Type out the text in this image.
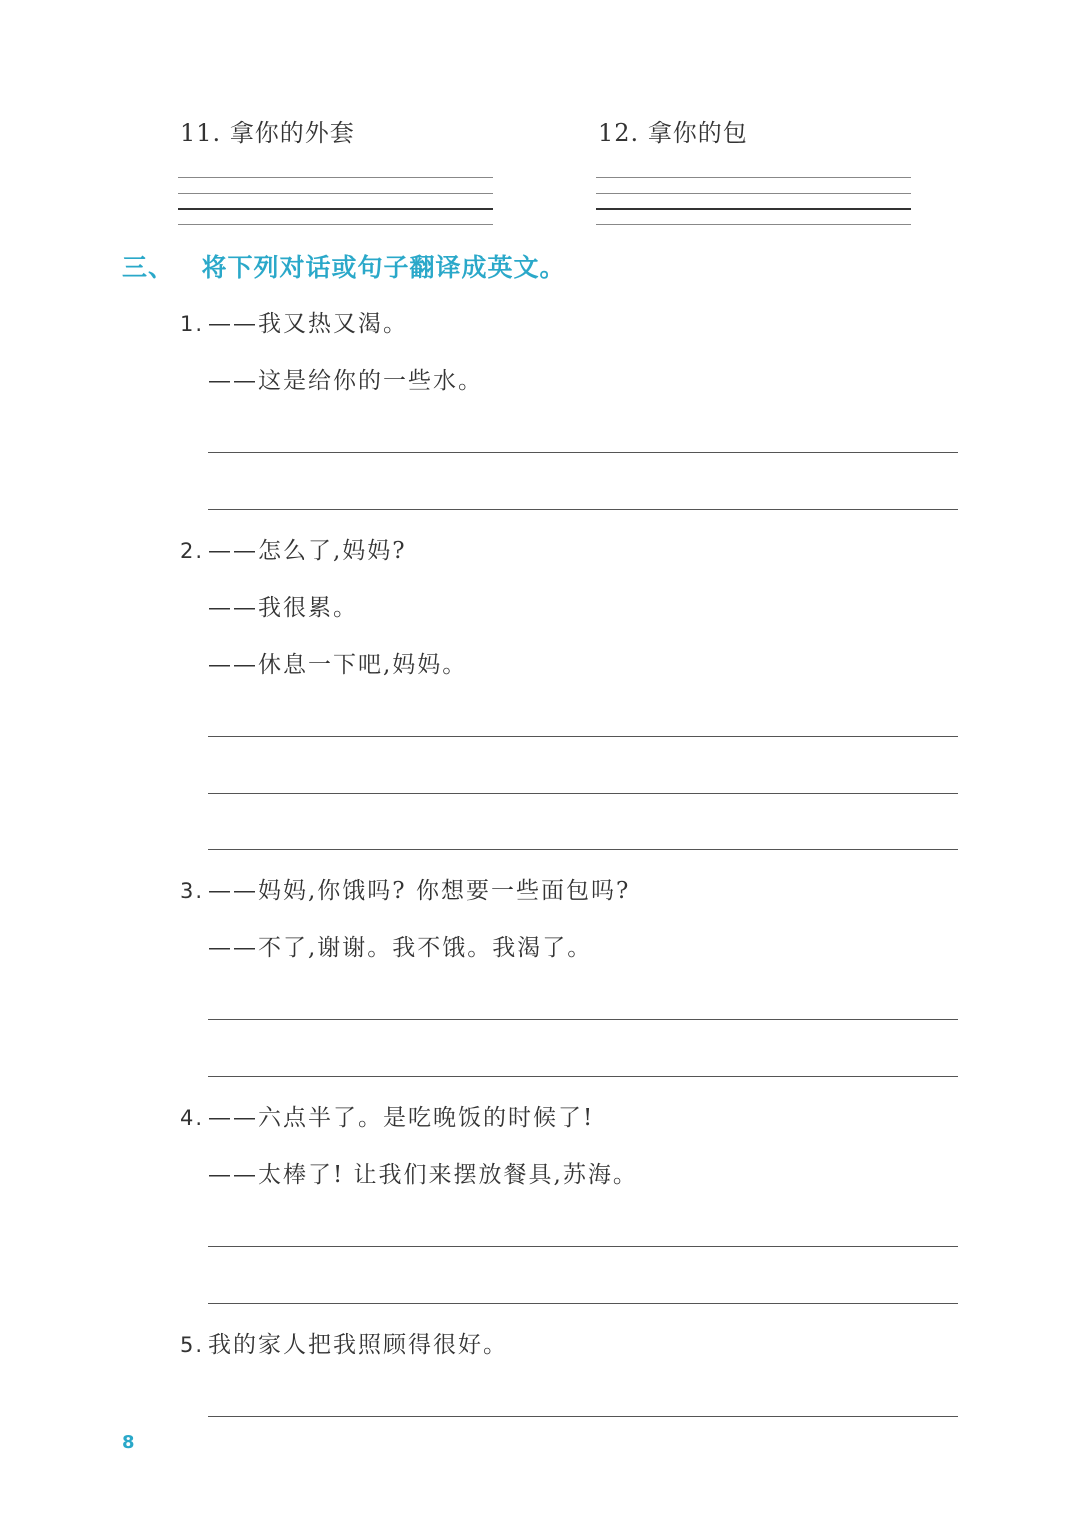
11. 拿你的外套	12. 拿你的包
三、 将下列对话或句子翻译成英文。
1. ——我又热又渴。
——这是给你的一些水。
2. ——怎么了,妈妈?
——我很累。
——休息一下吧,妈妈。
3. ——妈妈,你饿吗? 你想要一些面包吗?
——不了,谢谢。我不饿。我渴了。
4. ——六点半了。是吃晚饭的时候了!
——太棒了! 让我们来摆放餐具,苏海。
5. 我的家人把我照顾得很好。
8
